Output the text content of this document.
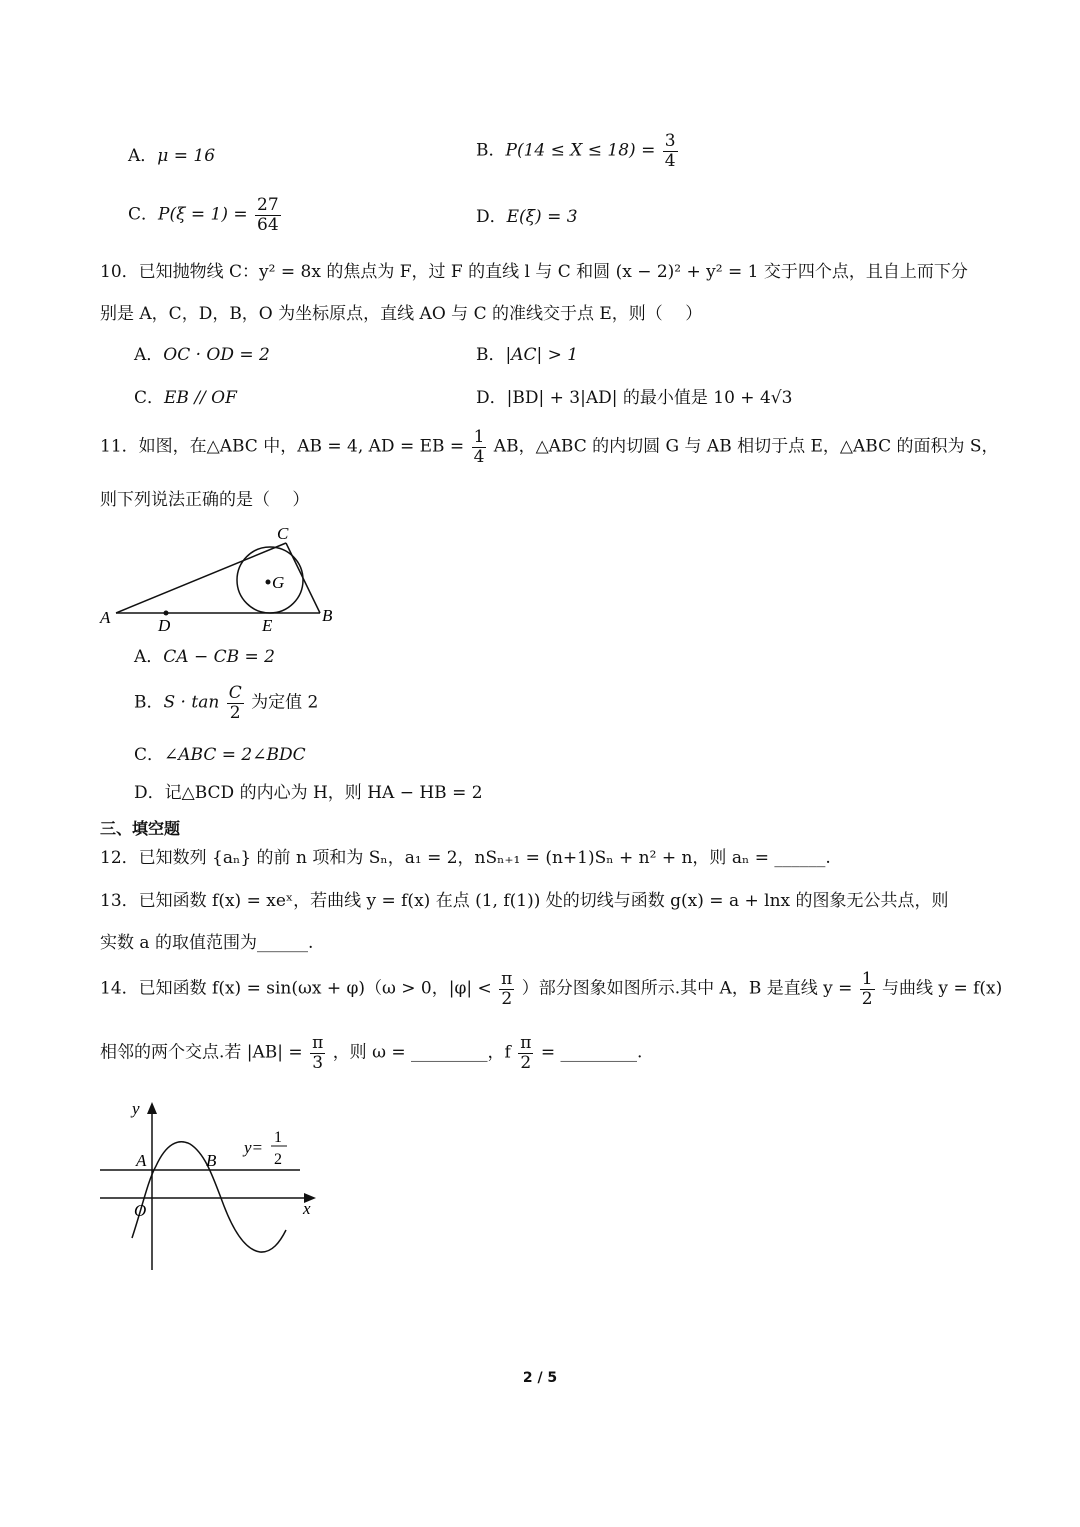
A．μ = 16	B．$P(14 \le X \le 18) = \frac{3}{4}$
C．$P(\xi = 1) = \frac{27}{64}$	D．E(ξ) = 3
10．已知抛物线 C：y² = 8x 的焦点为 F，过 F 的直线 l 与 C 和圆 (x − 2)² + y² = 1 交于四个点，且自上而下分
别是 A，C，D，B，O 为坐标原点，直线 AO 与 C 的准线交于点 E，则（　 ）
A．OC · OD = 2	B．|AC| > 1
C．EB // OF	D．|BD| + 3|AD| 的最小值是 10 + 4√3
11．如图，在△ABC 中，AB = 4, AD = EB = $\frac{1}{4}$ AB，△ABC 的内切圆 G 与 AB 相切于点 E，△ABC 的面积为 S，
则下列说法正确的是（　 ）
A	B
C
D	E
G
A．CA − CB = 2
B．$S \cdot \tan \frac{C}{2}$ 为定值 2
C．∠ABC = 2∠BDC
D．记△BCD 的内心为 H，则 HA − HB = 2
三、填空题
12．已知数列 {aₙ} 的前 n 项和为 Sₙ，a₁ = 2，nSₙ₊₁ = (n+1)Sₙ + n² + n，则 aₙ = ______.
13．已知函数 f(x) = xeˣ，若曲线 y = f(x) 在点 (1, f(1)) 处的切线与函数 g(x) = a + lnx 的图象无公共点，则
实数 a 的取值范围为______.
14．已知函数 f(x) = sin(ωx + φ)（ω > 0，$|\varphi| < \frac{\pi}{2}$ ）部分图象如图所示.其中 A，B 是直线 $y = \frac{1}{2}$ 与曲线 y = f(x)
相邻的两个交点.若 $|AB| = \frac{\pi}{3}$ ，则 ω = _________，f $\frac{\pi}{2}$ = _________.
y
x
O
A	B
y=
1
2
2 / 5
